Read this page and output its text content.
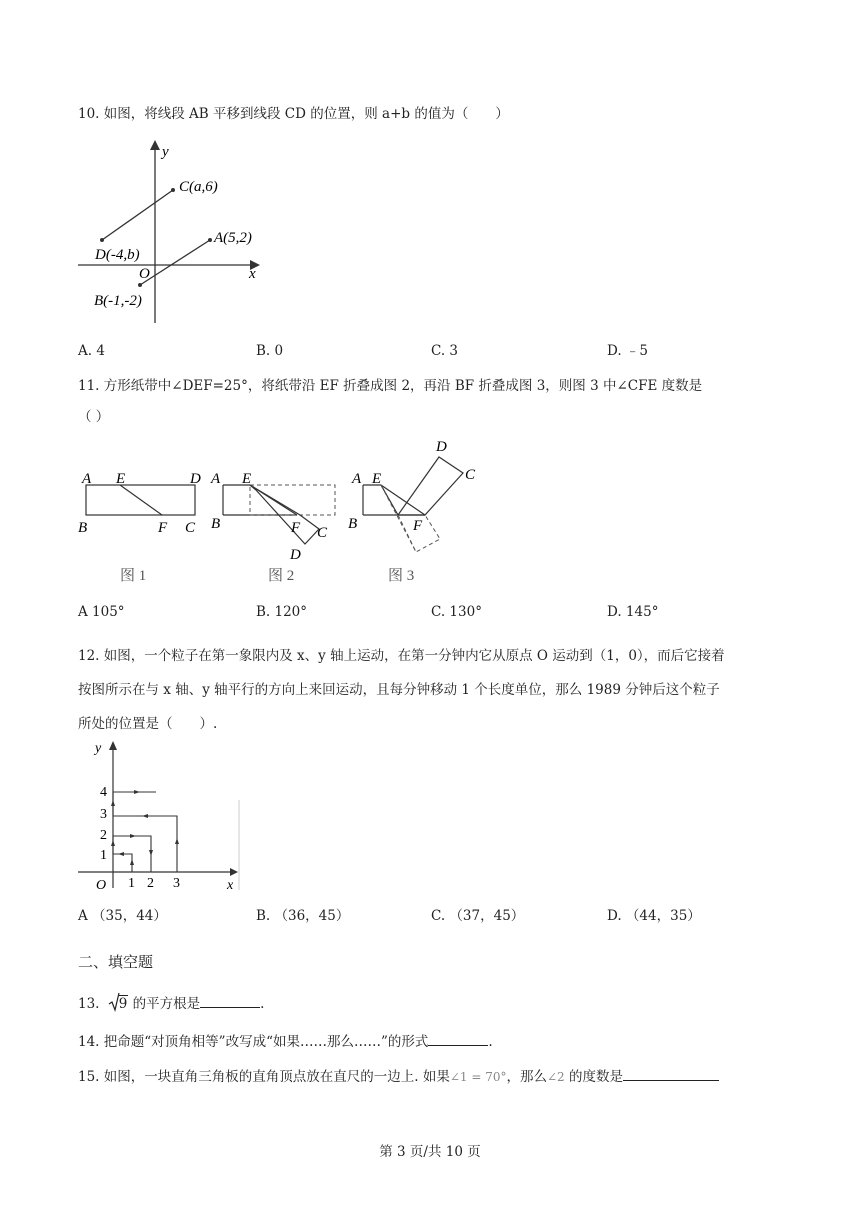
10. 如图，将线段 AB 平移到线段 CD 的位置，则 a+b 的值为（　　）
y
x
O
C(a,6)
D(-4,b)
A(5,2)
B(-1,-2)
A. 4	B. 0	C. 3	D. ﹣5
11. 方形纸带中∠DEF=25°，将纸带沿 EF 折叠成图 2，再沿 BF 折叠成图 3，则图 3 中∠CFE 度数是
（ ）
A E	D
B	F C
图 1
A E
B	F C
D
图 2
A E
B	F
D
C
图 3
A 105°	B. 120°	C. 130°	D. 145°
12. 如图，一个粒子在第一象限内及 x、y 轴上运动，在第一分钟内它从原点 O 运动到（1，0），而后它接着
按图所示在与 x 轴、y 轴平行的方向上来回运动，且每分钟移动 1 个长度单位，那么 1989 分钟后这个粒子
所处的位置是（　　）.
y
x
O 1 2 3
1
2
3
4
A （35，44）	B. （36，45）	C. （37，45）	D. （44，35）
二、填空题
13. 9 的平方根是	.
14. 把命题“对顶角相等”改写成“如果……那么……”的形式	.
15. 如图，一块直角三角板的直角顶点放在直尺的一边上. 如果∠1 = 70°，那么∠2 的度数是
第 3 页/共 10 页
